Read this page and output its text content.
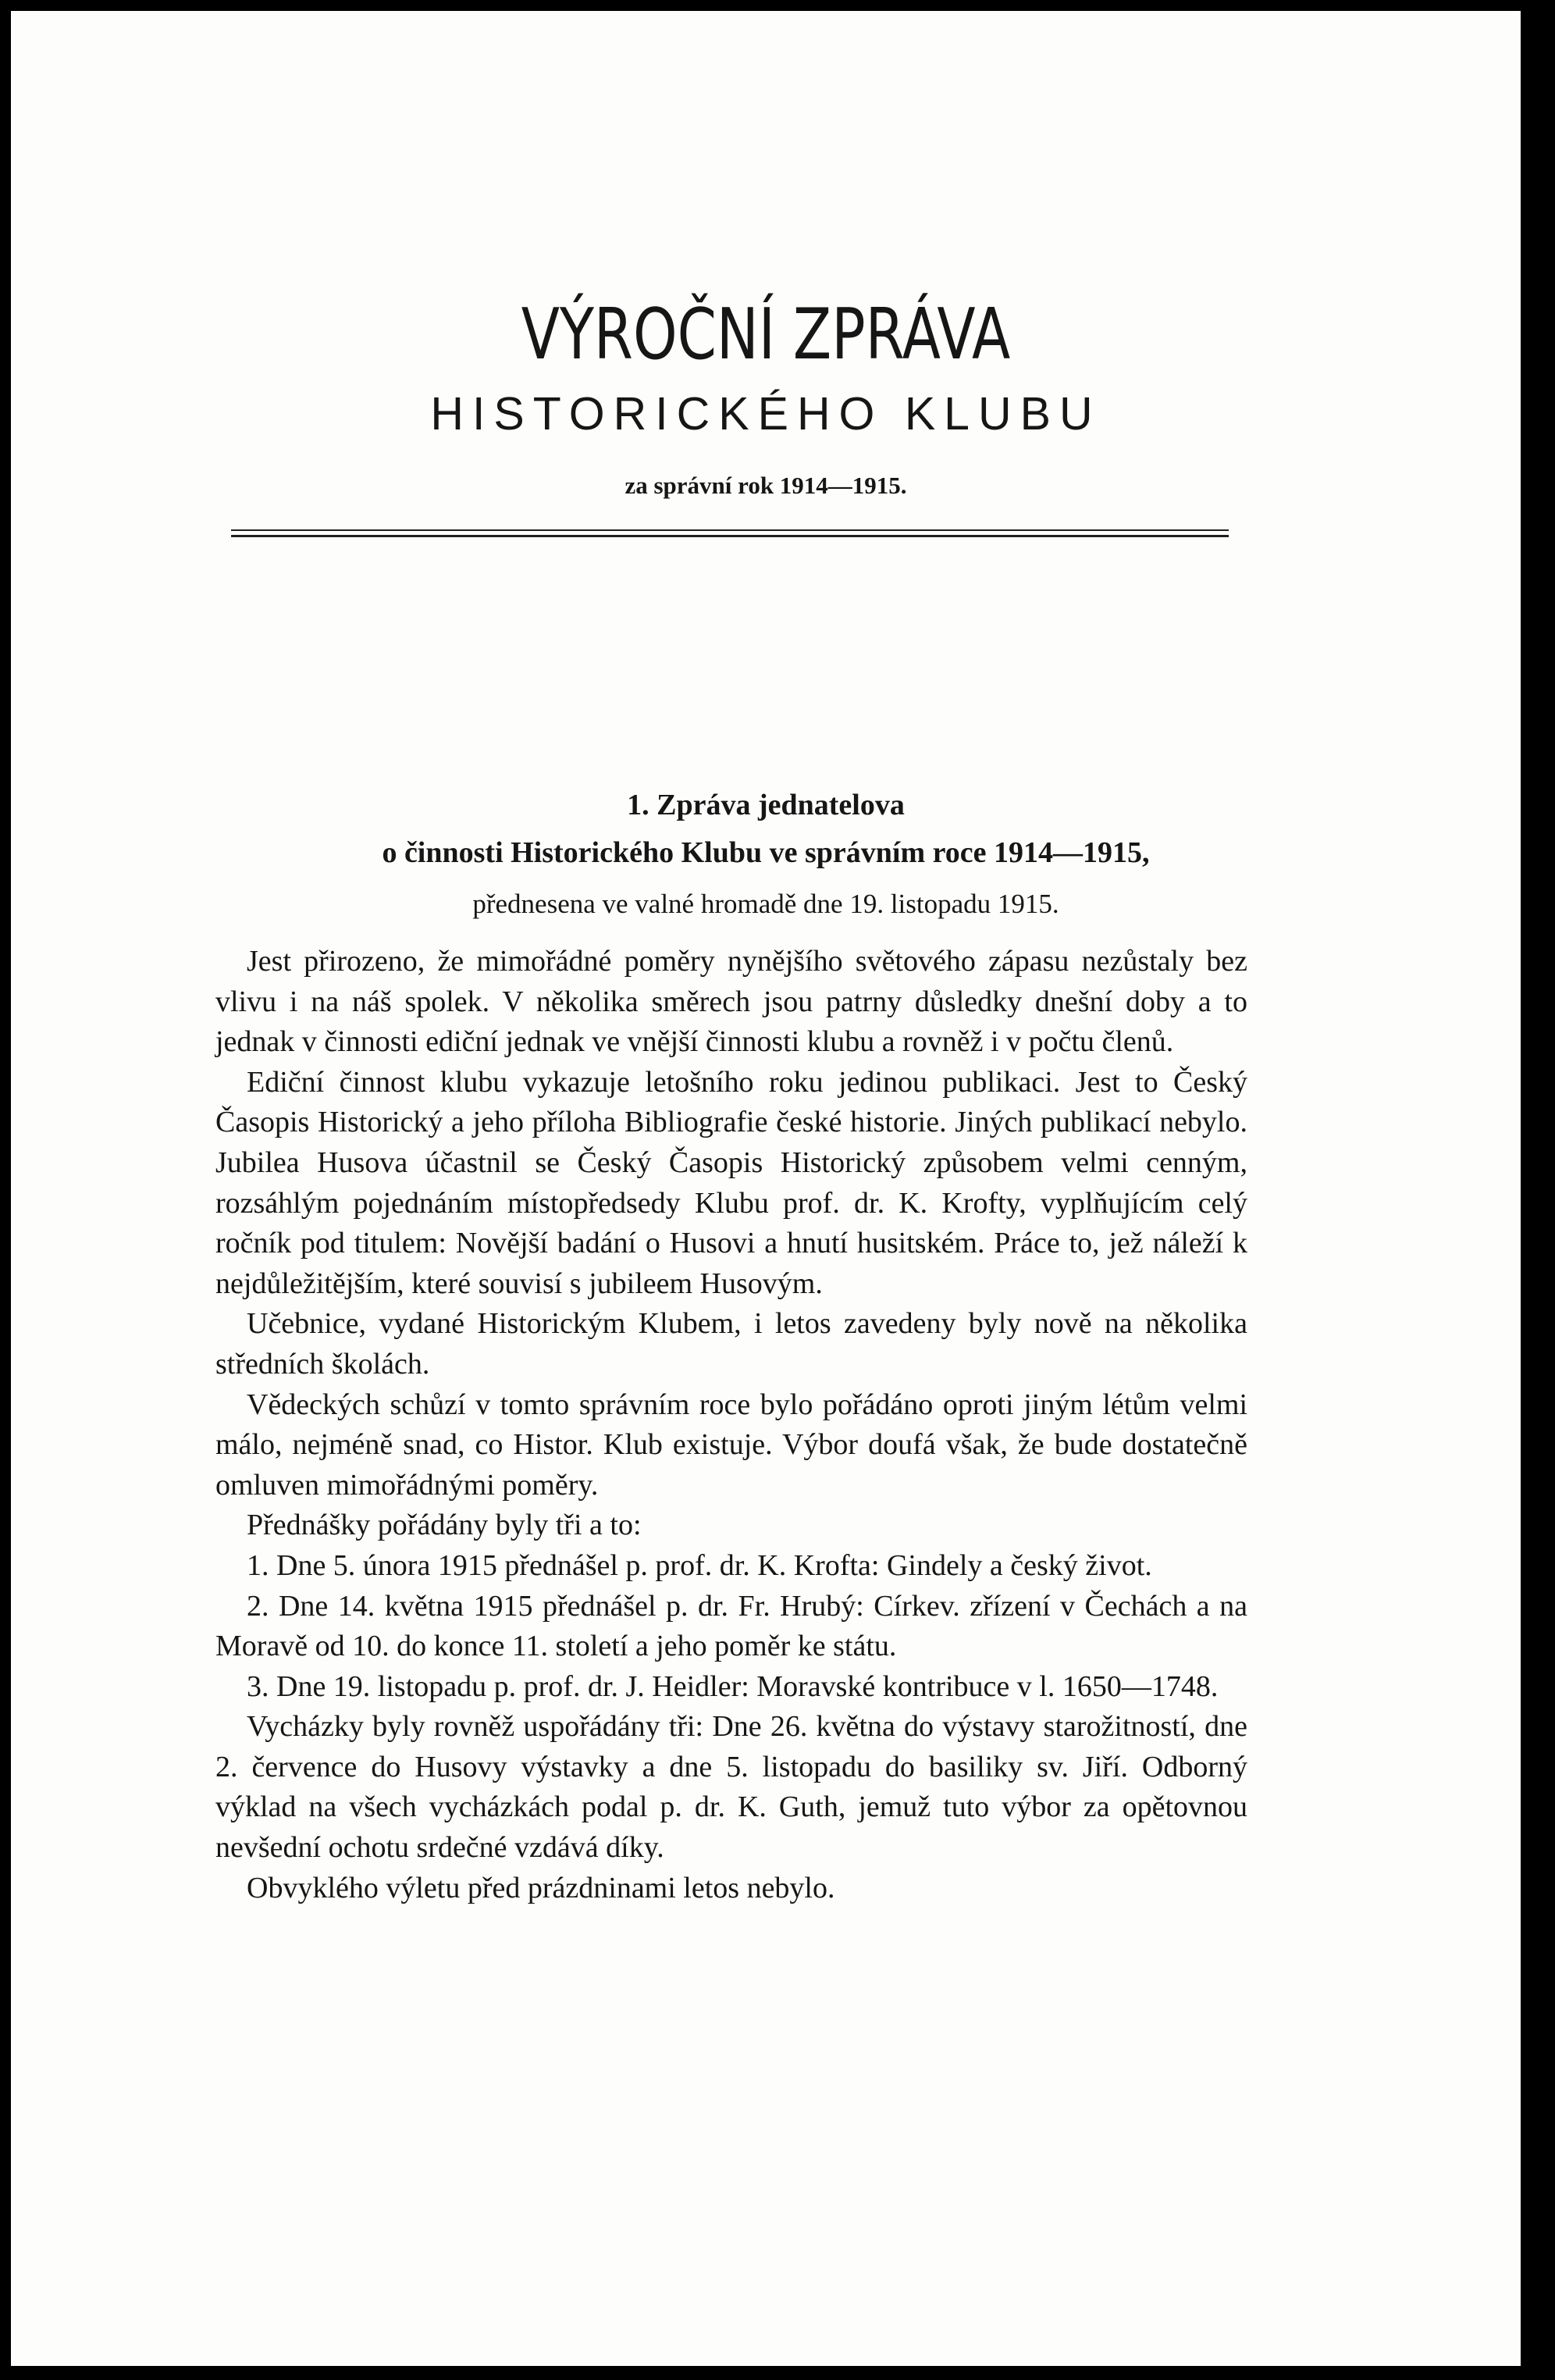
VÝROČNÍ ZPRÁVA
HISTORICKÉHO KLUBU
za správní rok 1914—1915.
1. Zpráva jednatelova
o činnosti Historického Klubu ve správním roce 1914—1915,
přednesena ve valné hromadě dne 19. listopadu 1915.

Jest přirozeno, že mimořádné poměry nynějšího světového zápasu nezůstaly bez vlivu i na náš spolek. V několika směrech jsou patrny důsledky dnešní doby a to jednak v činnosti ediční jednak ve vnější činnosti klubu a rovněž i v počtu členů.

Ediční činnost klubu vykazuje letošního roku jedinou publikaci. Jest to Český Časopis Historický a jeho příloha Bibliografie české historie. Jiných publikací nebylo. Jubilea Husova účastnil se Český Časopis Historický způsobem velmi cenným, rozsáhlým pojednáním místopředsedy Klubu prof. dr. K. Krofty, vyplňujícím celý ročník pod titulem: Novější badání o Husovi a hnutí husitském. Práce to, jež náleží k nejdůležitějším, které souvisí s jubileem Husovým.

Učebnice, vydané Historickým Klubem, i letos zavedeny byly nově na několika středních školách.

Vědeckých schůzí v tomto správním roce bylo pořádáno oproti jiným létům velmi málo, nejméně snad, co Histor. Klub existuje. Výbor doufá však, že bude dostatečně omluven mimořádnými poměry.

Přednášky pořádány byly tři a to:

1. Dne 5. února 1915 přednášel p. prof. dr. K. Krofta: Gindely a český život.

2. Dne 14. května 1915 přednášel p. dr. Fr. Hrubý: Církev. zřízení v Čechách a na Moravě od 10. do konce 11. století a jeho poměr ke státu.

3. Dne 19. listopadu p. prof. dr. J. Heidler: Moravské kontribuce v l. 1650—1748.

Vycházky byly rovněž uspořádány tři: Dne 26. května do výstavy starožitností, dne 2. července do Husovy výstavky a dne 5. listopadu do basiliky sv. Jiří. Odborný výklad na všech vycházkách podal p. dr. K. Guth, jemuž tuto výbor za opětovnou nevšední ochotu srdečné vzdává díky.

Obvyklého výletu před prázdninami letos nebylo.
